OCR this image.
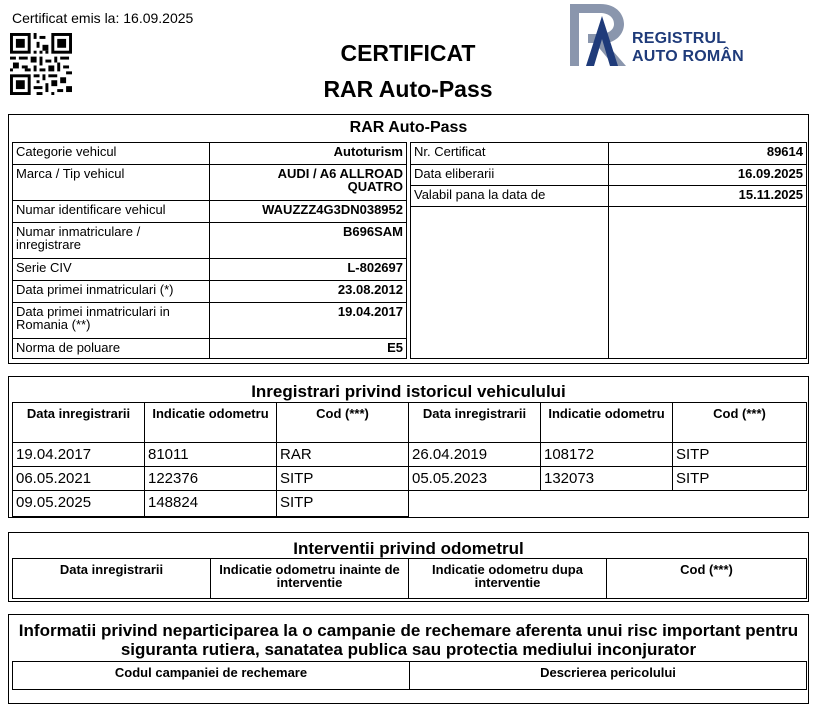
Certificat emis la: 16.09.2025
CERTIFICAT
RAR Auto-Pass
REGISTRUL
AUTO ROMÂN
RAR Auto-Pass
Categorie vehicul	Autoturism
Marca / Tip vehicul	AUDI / A6 ALLROAD QUATRO
Numar identificare vehicul	WAUZZZ4G3DN038952
Numar inmatriculare / inregistrare	B696SAM
Serie CIV	L-802697
Data primei inmatriculari (*)	23.08.2012
Data primei inmatriculari in Romania (**)	19.04.2017
Norma de poluare	E5
Nr. Certificat	89614
Data eliberarii	16.09.2025
Valabil pana la data de	15.11.2025

Inregistrari privind istoricul vehiculului
Data inregistrarii	Indicatie odometru	Cod (***)	Data inregistrarii	Indicatie odometru	Cod (***)
19.04.2017	81011	RAR	26.04.2019	108172	SITP
06.05.2021	122376	SITP	05.05.2023	132073	SITP
09.05.2025	148824	SITP			
Interventii privind odometrul
Data inregistrarii	Indicatie odometru inainte de interventie	Indicatie odometru dupa interventie	Cod (***)
Informatii privind neparticiparea la o campanie de rechemare aferenta unui risc important pentru siguranta rutiera, sanatatea publica sau protectia mediului inconjurator
Codul campaniei de rechemare	Descrierea pericolului
